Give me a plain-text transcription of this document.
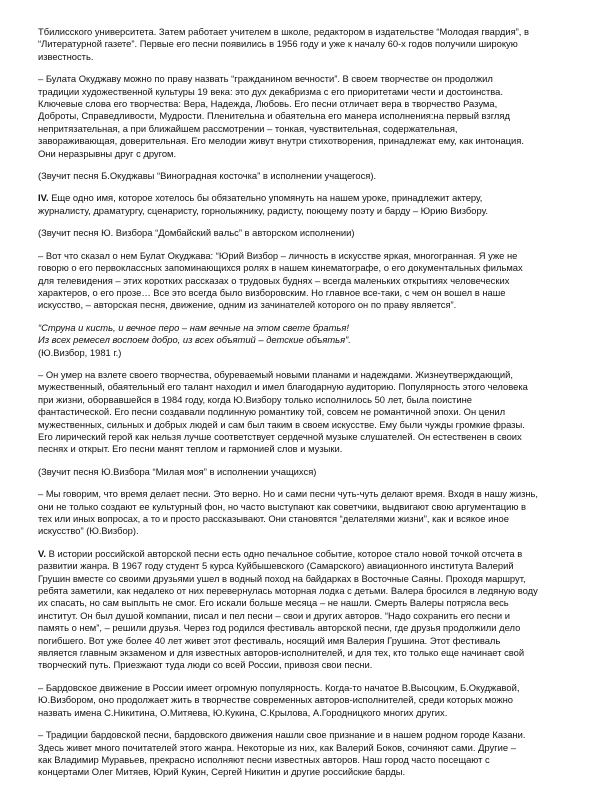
Тбилисского университета. Затем работает учителем в школе, редактором в издательстве “Молодая гвардия”, в
“Литературной газете”. Первые его песни появились в 1956 году и уже к началу 60-х годов получили широкую
известность.
– Булата Окуджаву можно по праву назвать “гражданином вечности”. В своем творчестве он продолжил
традиции художественной культуры 19 века: это дух декабризма с его приоритетами чести и достоинства.
Ключевые слова его творчества: Вера, Надежда, Любовь. Его песни отличает вера в творчество Разума,
Доброты, Справедливости, Мудрости. Пленительна и обаятельна его манера исполнения:на первый взгляд
непритязательная, а при ближайшем рассмотрении – тонкая, чувствительная, содержательная,
завораживающая, доверительная. Его мелодии живут внутри стихотворения, принадлежат ему, как интонация.
Они неразрывны друг с другом.
(Звучит песня Б.Окуджавы “Виноградная косточка” в исполнении учащегося).
IV. Еще одно имя, которое хотелось бы обязательно упомянуть на нашем уроке, принадлежит актеру,
журналисту, драматургу, сценаристу, горнолыжнику, радисту, поющему поэту и барду – Юрию Визбору.
(Звучит песня Ю. Визбора “Домбайский вальс” в авторском исполнении)
– Вот что сказал о нем Булат Окуджава: “Юрий Визбор – личность в искусстве яркая, многогранная. Я уже не
говорю о его первоклассных запоминающихся ролях в нашем кинематографе, о его документальных фильмах
для телевидения – этих коротких рассказах о трудовых буднях – всегда маленьких открытиях человеческих
характеров, о его прозе… Все это всегда было визборовским. Но главное все-таки, с чем он вошел в наше
искусство, – авторская песня, движение, одним из зачинателей которого он по праву является”.
“Струна и кисть, и вечное перо – нам вечные на этом свете братья!
Из всех ремесел воспоем добро, из всех объятий – детские объятья”.
(Ю.Визбор, 1981 г.)
– Он умер на взлете своего творчества, обуреваемый новыми планами и надеждами. Жизнеутверждающий,
мужественный, обаятельный его талант находил и имел благодарную аудиторию. Популярность этого человека
при жизни, оборвавшейся в 1984 году, когда Ю.Визбору только исполнилось 50 лет, была поистине
фантастической. Его песни создавали подлинную романтику той, совсем не романтичной эпохи. Он ценил
мужественных, сильных и добрых людей и сам был таким в своем искусстве. Ему были чужды громкие фразы.
Его лирический герой как нельзя лучше соответствует сердечной музыке слушателей. Он естественен в своих
песнях и открыт. Его песни манят теплом и гармонией слов и музыки.
(Звучит песня Ю.Визбора “Милая моя” в исполнении учащихся)
– Мы говорим, что время делает песни. Это верно. Но и сами песни чуть-чуть делают время. Входя в нашу жизнь,
они не только создают ее культурный фон, но часто выступают как советчики, выдвигают свою аргументацию в
тех или иных вопросах, а то и просто рассказывают. Они становятся “делателями жизни”, как и всякое иное
искусство” (Ю.Визбор).
V. В истории российской авторской песни есть одно печальное событие, которое стало новой точкой отсчета в
развитии жанра. В 1967 году студент 5 курса Куйбышевского (Самарского) авиационного института Валерий
Грушин вместе со своими друзьями ушел в водный поход на байдарках в Восточные Саяны. Проходя маршрут,
ребята заметили, как недалеко от них перевернулась моторная лодка с детьми. Валера бросился в ледяную воду
их спасать, но сам выплыть не смог. Его искали больше месяца – не нашли. Смерть Валеры потрясла весь
институт. Он был душой компании, писал и пел песни – свои и других авторов. “Надо сохранить его песни и
память о нем”, – решили друзья. Через год родился фестиваль авторской песни, где друзья продолжили дело
погибшего. Вот уже более 40 лет живет этот фестиваль, носящий имя Валерия Грушина. Этот фестиваль
является главным экзаменом и для известных авторов-исполнителей, и для тех, кто только еще начинает свой
творческий путь. Приезжают туда люди со всей России, привозя свои песни.
– Бардовское движение в России имеет огромную популярность. Когда-то начатое В.Высоцким, Б.Окуджавой,
Ю.Визбором, оно продолжает жить в творчестве современных авторов-исполнителей, среди которых можно
назвать имена С.Никитина, О.Митяева, Ю.Кукина, С.Крылова, А.Городницкого многих других.
– Традиции бардовской песни, бардовского движения нашли свое признание и в нашем родном городе Казани.
Здесь живет много почитателей этого жанра. Некоторые из них, как Валерий Боков, сочиняют сами. Другие –
как Владимир Муравьев, прекрасно исполняют песни известных авторов. Наш город часто посещают с
концертами Олег Митяев, Юрий Кукин, Сергей Никитин и другие российские барды.
